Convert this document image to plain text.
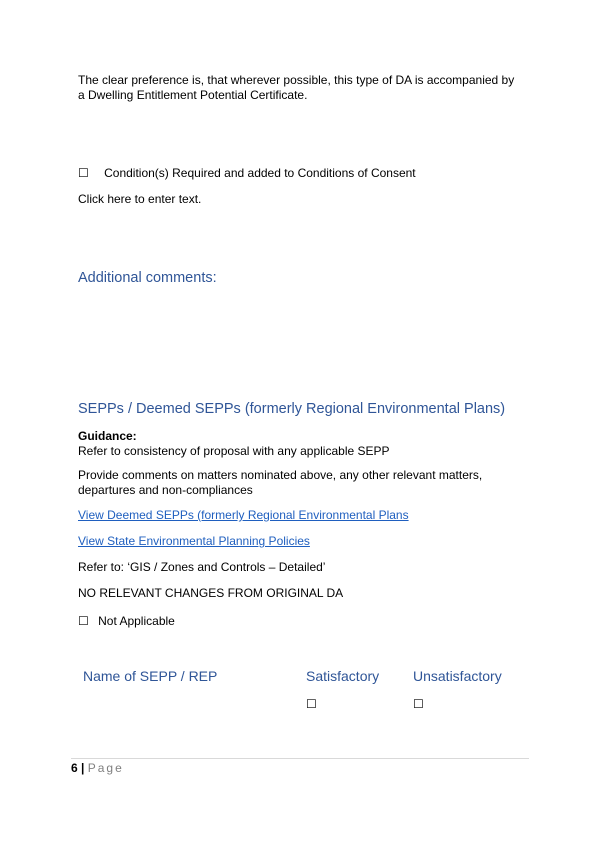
The clear preference is, that wherever possible, this type of DA is accompanied by
a Dwelling Entitlement Potential Certificate.
☐ Condition(s) Required and added to Conditions of Consent
Click here to enter text.
Additional comments:
SEPPs / Deemed SEPPs (formerly Regional Environmental Plans)
Guidance:
Refer to consistency of proposal with any applicable SEPP
Provide comments on matters nominated above, any other relevant matters,
departures and non-compliances
View Deemed SEPPs (formerly Regional Environmental Plans
View State Environmental Planning Policies
Refer to: ‘GIS / Zones and Controls – Detailed’
NO RELEVANT CHANGES FROM ORIGINAL DA
☐ Not Applicable
Name of SEPP / REP	Satisfactory Unsatisfactory
☐	☐
6 | Page
